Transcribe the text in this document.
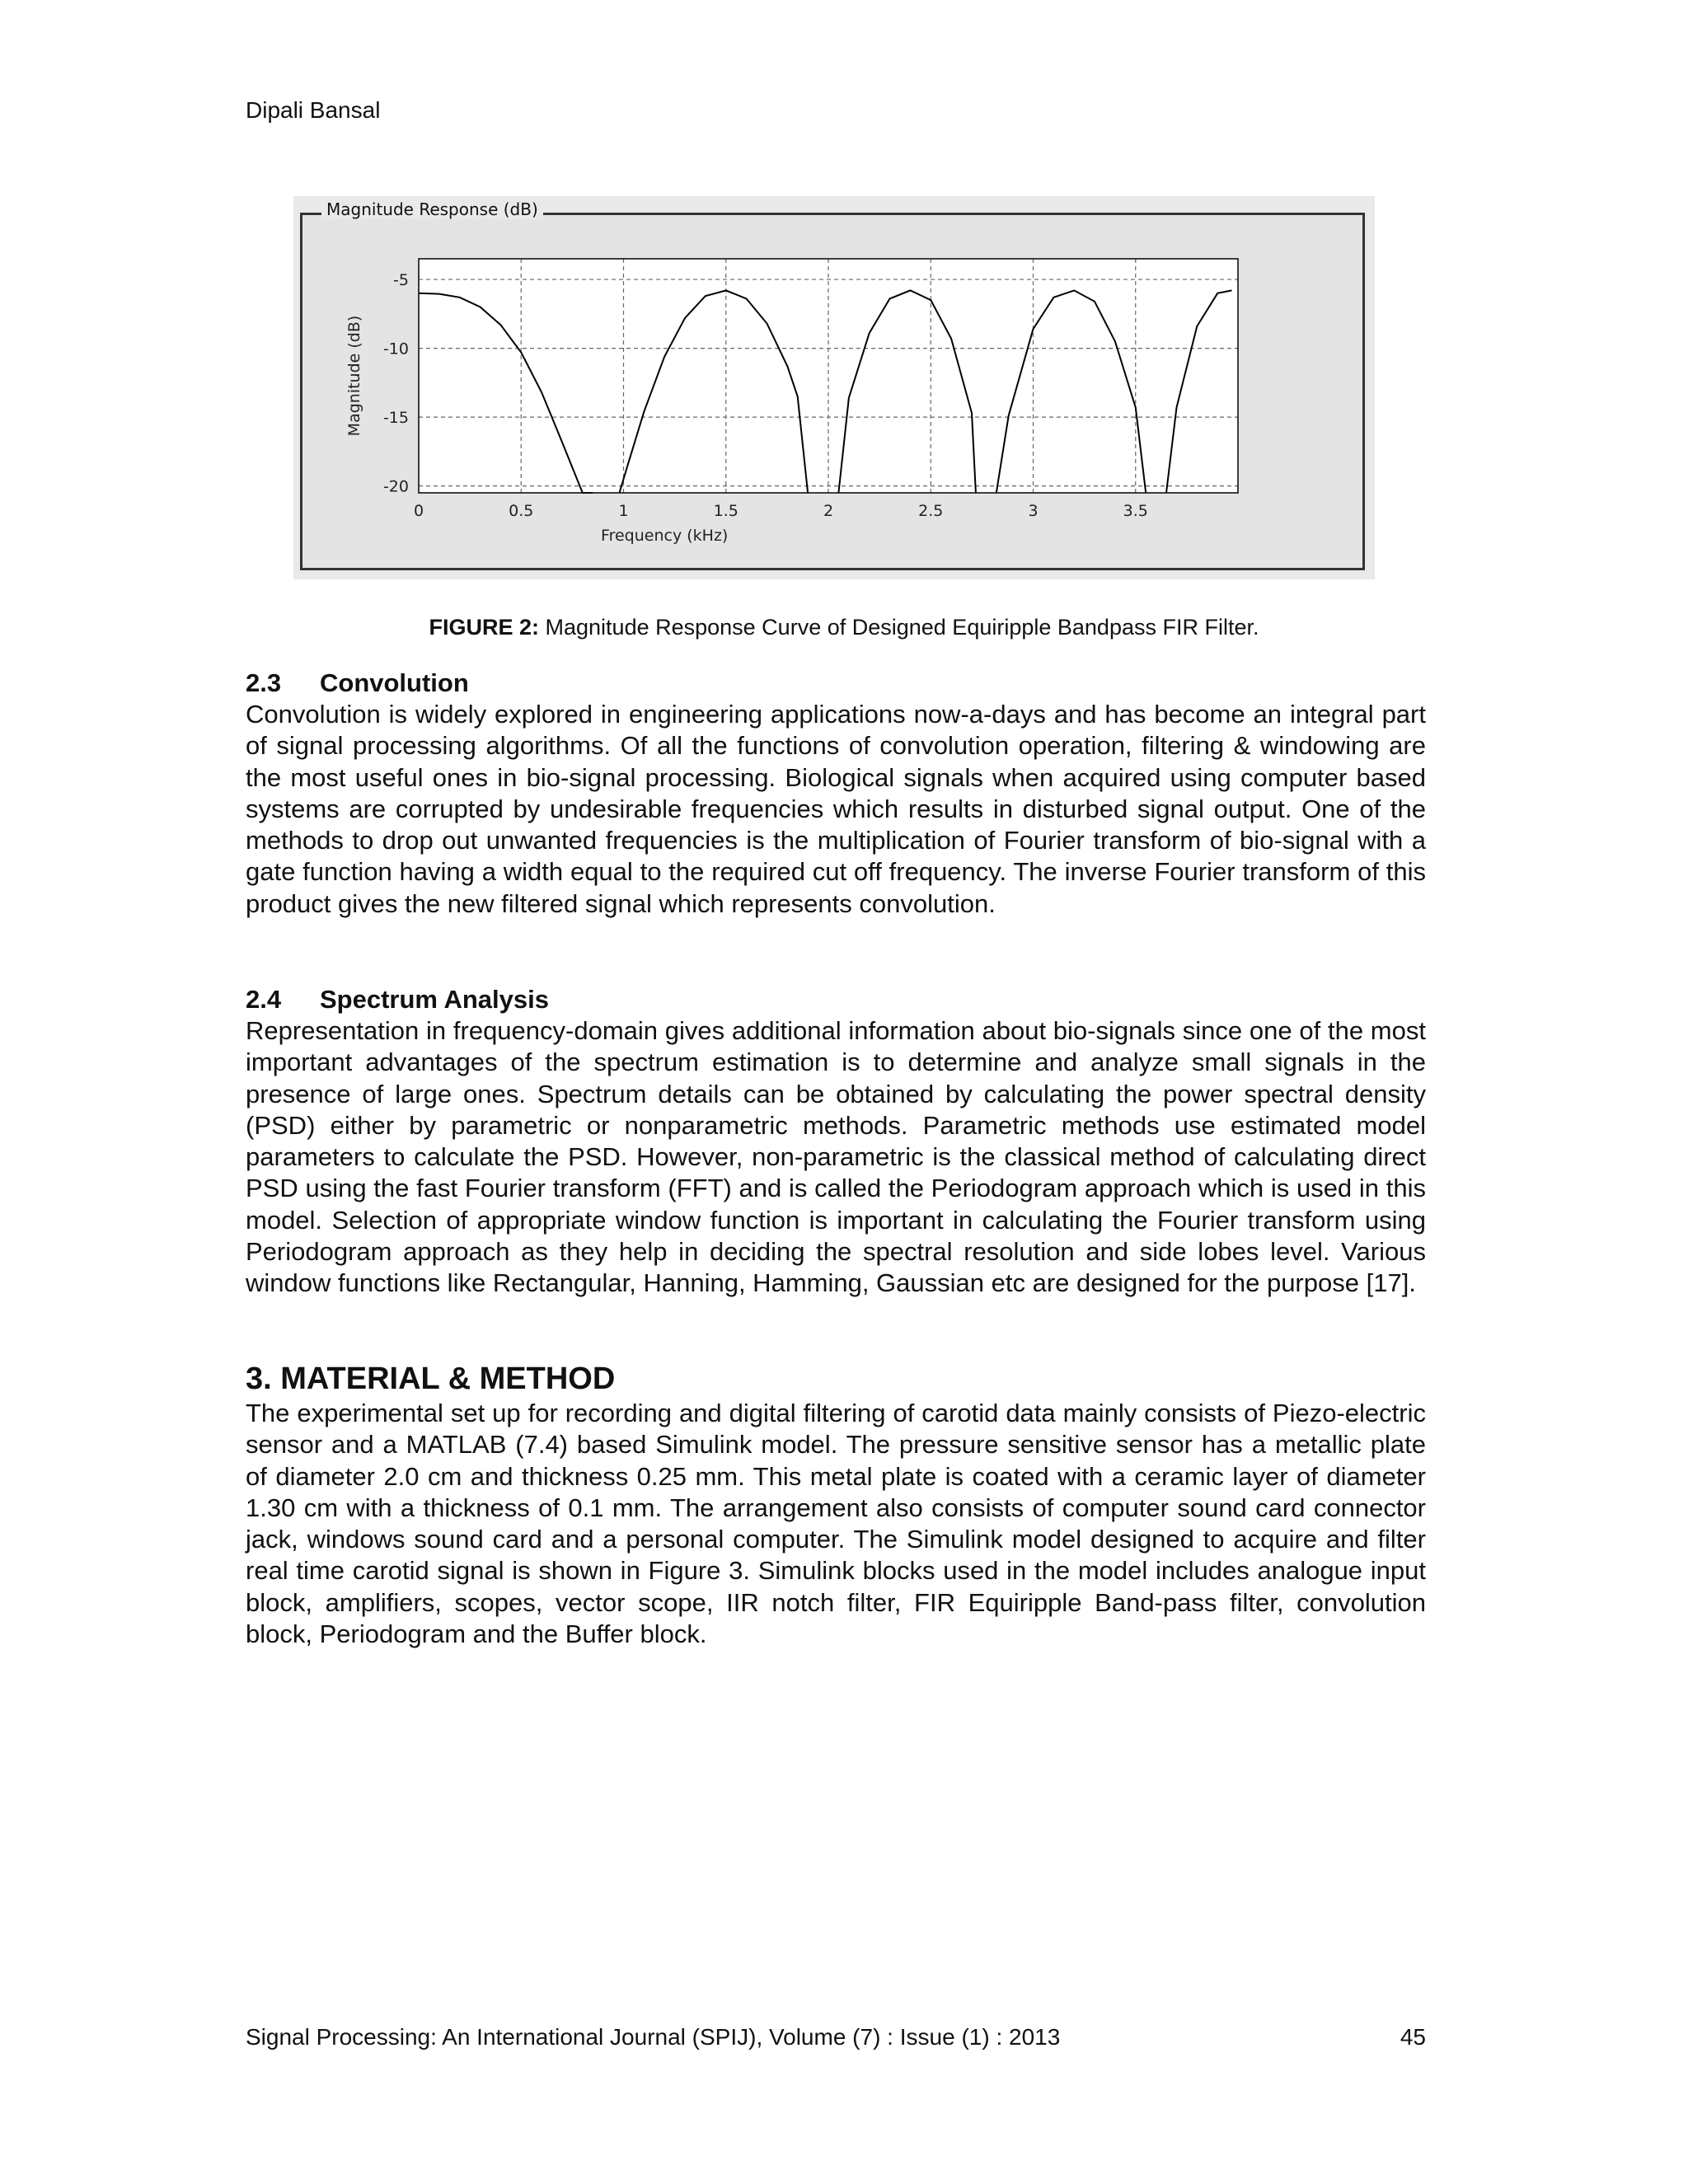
Dipali Bansal
Magnitude Response (dB)
0	0.5	1	1.5	2	2.5	3	3.5
-5
-10
-15
-20
Frequency (kHz)
Magnitude (dB)
FIGURE 2: Magnitude Response Curve of Designed Equiripple Bandpass FIR Filter.

2.3 Convolution

Convolution is widely explored in engineering applications now-a-days and has become an integral part of signal processing algorithms. Of all the functions of convolution operation, filtering & windowing are the most useful ones in bio-signal processing. Biological signals when acquired using computer based systems are corrupted by undesirable frequencies which results in disturbed signal output. One of the methods to drop out unwanted frequencies is the multiplication of Fourier transform of bio-signal with a gate function having a width equal to the required cut off frequency. The inverse Fourier transform of this product gives the new filtered signal which represents convolution.

2.4 Spectrum Analysis

Representation in frequency-domain gives additional information about bio-signals since one of the most important advantages of the spectrum estimation is to determine and analyze small signals in the presence of large ones. Spectrum details can be obtained by calculating the power spectral density (PSD) either by parametric or nonparametric methods. Parametric methods use estimated model parameters to calculate the PSD. However, non-parametric is the classical method of calculating direct PSD using the fast Fourier transform (FFT) and is called the Periodogram approach which is used in this model. Selection of appropriate window function is important in calculating the Fourier transform using Periodogram approach as they help in deciding the spectral resolution and side lobes level. Various window functions like Rectangular, Hanning, Hamming, Gaussian etc are designed for the purpose [17].

3. MATERIAL & METHOD

The experimental set up for recording and digital filtering of carotid data mainly consists of Piezo-electric sensor and a MATLAB (7.4) based Simulink model. The pressure sensitive sensor has a metallic plate of diameter 2.0 cm and thickness 0.25 mm. This metal plate is coated with a ceramic layer of diameter 1.30 cm with a thickness of 0.1 mm. The arrangement also consists of computer sound card connector jack, windows sound card and a personal computer. The Simulink model designed to acquire and filter real time carotid signal is shown in Figure 3. Simulink blocks used in the model includes analogue input block, amplifiers, scopes, vector scope, IIR notch filter, FIR Equiripple Band-pass filter, convolution block, Periodogram and the Buffer block.

Signal Processing: An International Journal (SPIJ), Volume (7) : Issue (1) : 2013	45
